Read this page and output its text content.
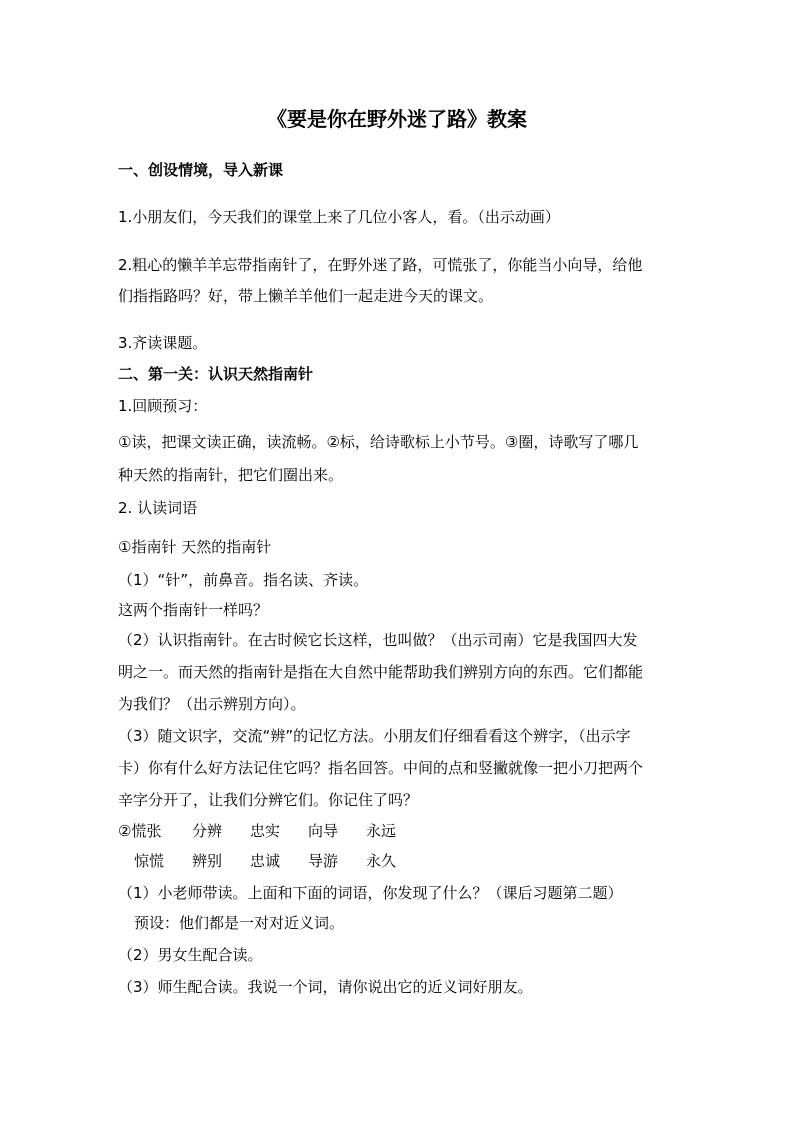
《要是你在野外迷了路》教案
一、创设情境，导入新课
1.小朋友们，今天我们的课堂上来了几位小客人，看。（出示动画）
2.粗心的懒羊羊忘带指南针了，在野外迷了路，可慌张了，你能当小向导，给他
们指指路吗？好，带上懒羊羊他们一起走进今天的课文。
3.齐读课题。
二、第一关：认识天然指南针
1.回顾预习：
①读，把课文读正确，读流畅。②标，给诗歌标上小节号。③圈，诗歌写了哪几
种天然的指南针，把它们圈出来。
2. 认读词语
①指南针 天然的指南针
（1）“针”，前鼻音。指名读、齐读。
这两个指南针一样吗？
（2）认识指南针。在古时候它长这样，也叫做？（出示司南）它是我国四大发
明之一。而天然的指南针是指在大自然中能帮助我们辨别方向的东西。它们都能
为我们？（出示辨别方向）。
（3）随文识字，交流“辨”的记忆方法。小朋友们仔细看看这个辨字，（出示字
卡）你有什么好方法记住它吗？指名回答。中间的点和竖撇就像一把小刀把两个
辛字分开了，让我们分辨它们。你记住了吗？
②慌张 分辨 忠实 向导 永远
惊慌 辨别 忠诚 导游 永久
（1）小老师带读。上面和下面的词语，你发现了什么？（课后习题第二题）
预设：他们都是一对对近义词。
（2）男女生配合读。
（3）师生配合读。我说一个词，请你说出它的近义词好朋友。
